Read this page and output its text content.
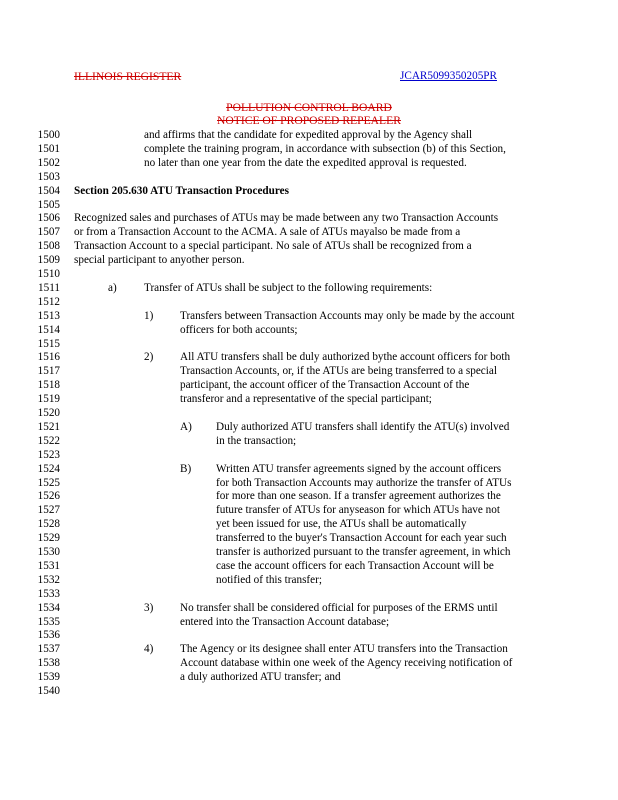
ILLINOIS REGISTER	JCAR5099350205PR
POLLUTION CONTROL BOARD
NOTICE OF PROPOSED REPEALER
1500	and affirms that the candidate for expedited approval by the Agency shall
1501	complete the training program, in accordance with subsection (b) of this Section,
1502	no later than one year from the date the expedited approval is requested.
1503
1504 Section 205.630 ATU Transaction Procedures
1505
1506 Recognized sales and purchases of ATUs may be made between any two Transaction Accounts
1507 or from a Transaction Account to the ACMA. A sale of ATUs mayalso be made from a
1508 Transaction Account to a special participant. No sale of ATUs shall be recognized from a
1509 special participant to anyother person.
1510
1511	a) Transfer of ATUs shall be subject to the following requirements:
1512
1513	1) Transfers between Transaction Accounts may only be made by the account
1514	officers for both accounts;
1515
1516	2) All ATU transfers shall be duly authorized bythe account officers for both
1517	Transaction Accounts, or, if the ATUs are being transferred to a special
1518	participant, the account officer of the Transaction Account of the
1519	transferor and a representative of the special participant;
1520
1521	A) Duly authorized ATU transfers shall identify the ATU(s) involved
1522	in the transaction;
1523
1524	B) Written ATU transfer agreements signed by the account officers
1525	for both Transaction Accounts may authorize the transfer of ATUs
1526	for more than one season. If a transfer agreement authorizes the
1527	future transfer of ATUs for anyseason for which ATUs have not
1528	yet been issued for use, the ATUs shall be automatically
1529	transferred to the buyer's Transaction Account for each year such
1530	transfer is authorized pursuant to the transfer agreement, in which
1531	case the account officers for each Transaction Account will be
1532	notified of this transfer;
1533
1534	3) No transfer shall be considered official for purposes of the ERMS until
1535	entered into the Transaction Account database;
1536
1537	4) The Agency or its designee shall enter ATU transfers into the Transaction
1538	Account database within one week of the Agency receiving notification of
1539	a duly authorized ATU transfer; and
1540
